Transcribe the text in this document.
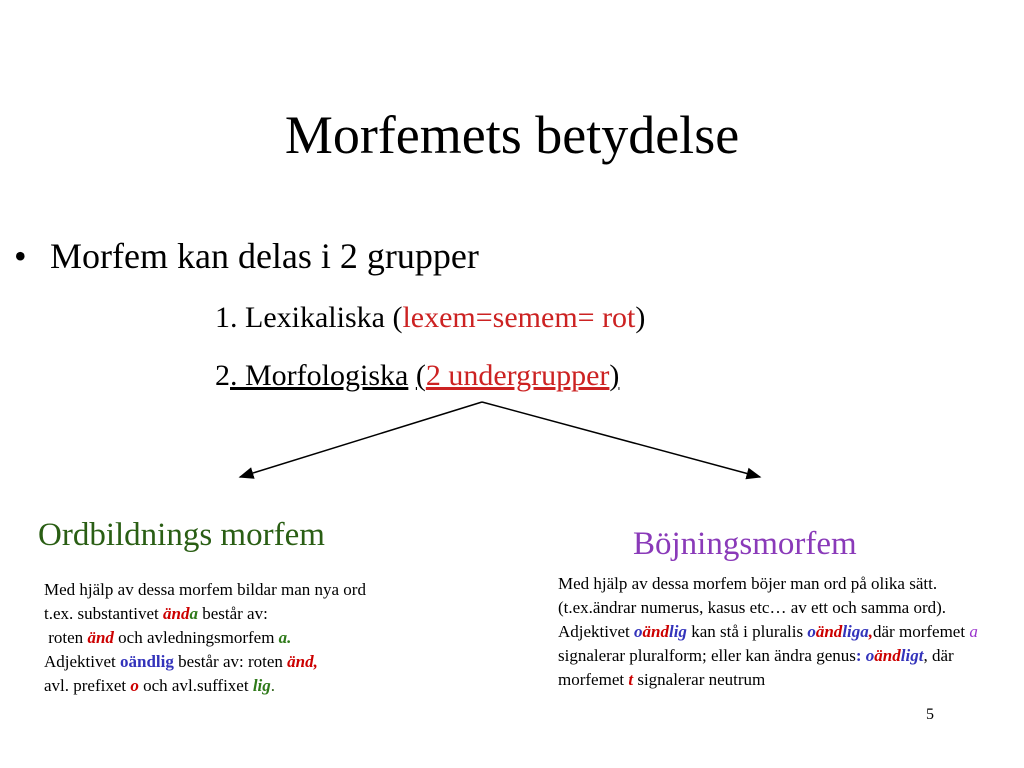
Morfemets betydelse
• Morfem kan delas i 2 grupper
1. Lexikaliska (lexem=semem= rot)
2. Morfologiska (2 undergrupper)
Ordbildnings morfem	Böjningsmorfem
Med hjälp av dessa morfem bildar man nya ord
t.ex. substantivet ända består av:
roten änd och avledningsmorfem a.
Adjektivet oändlig består av: roten änd,
avl. prefixet o och avl.suffixet lig.
Med hjälp av dessa morfem böjer man ord på olika sätt. (t.ex.ändrar numerus, kasus etc… av ett och samma ord). Adjektivet oändlig kan stå i pluralis oändliga,där morfemet a signalerar pluralform; eller kan ändra genus: oändligt, där morfemet t signalerar neutrum
5
